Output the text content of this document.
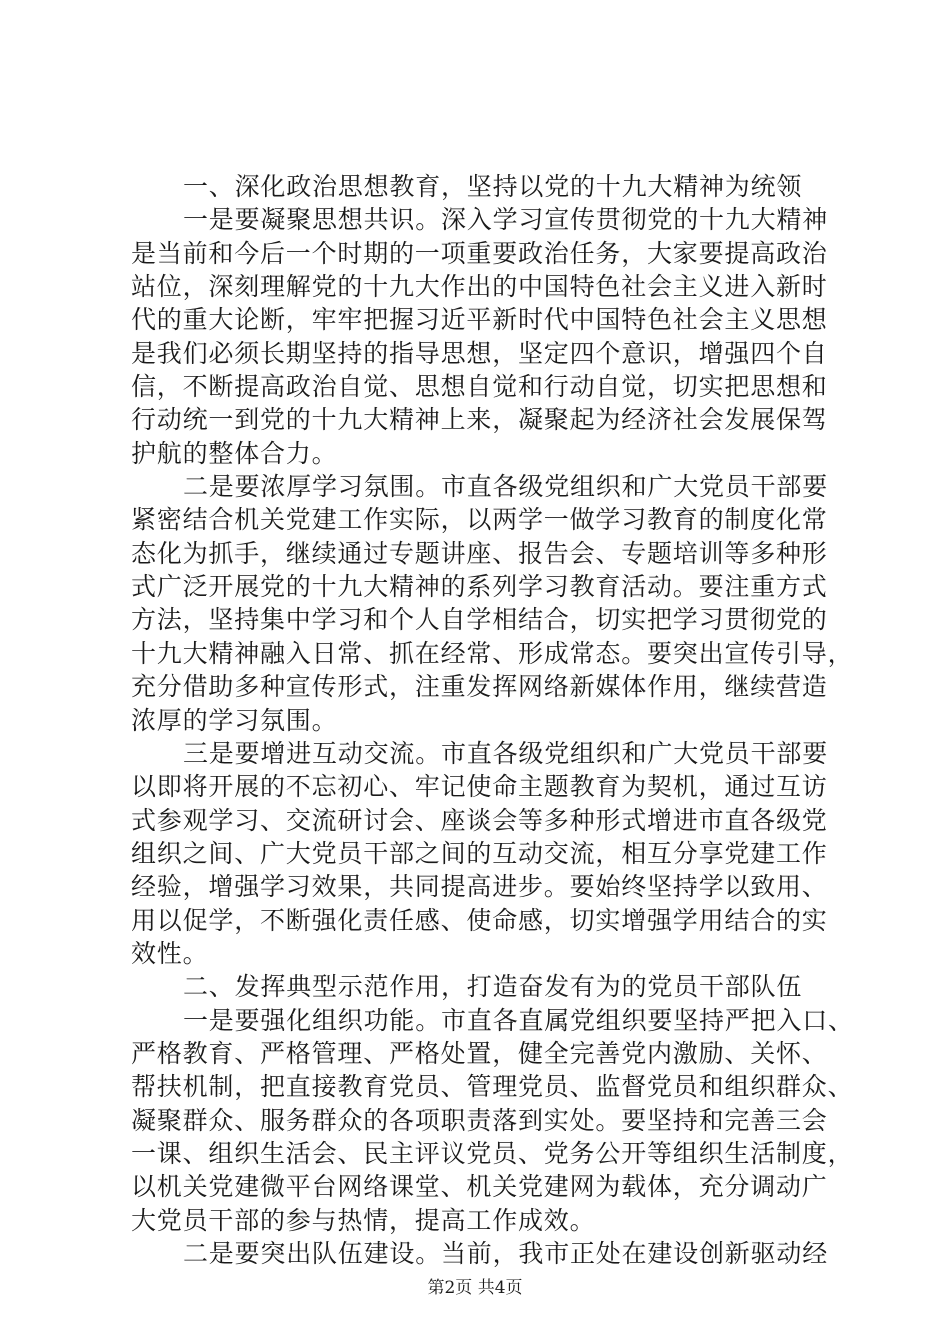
一、深化政治思想教育，坚持以党的十九大精神为统领
一是要凝聚思想共识。深入学习宣传贯彻党的十九大精神
是当前和今后一个时期的一项重要政治任务，大家要提高政治
站位，深刻理解党的十九大作出的中国特色社会主义进入新时
代的重大论断，牢牢把握习近平新时代中国特色社会主义思想
是我们必须长期坚持的指导思想，坚定四个意识，增强四个自
信，不断提高政治自觉、思想自觉和行动自觉，切实把思想和
行动统一到党的十九大精神上来，凝聚起为经济社会发展保驾
护航的整体合力。
二是要浓厚学习氛围。市直各级党组织和广大党员干部要
紧密结合机关党建工作实际，以两学一做学习教育的制度化常
态化为抓手，继续通过专题讲座、报告会、专题培训等多种形
式广泛开展党的十九大精神的系列学习教育活动。要注重方式
方法，坚持集中学习和个人自学相结合，切实把学习贯彻党的
十九大精神融入日常、抓在经常、形成常态。要突出宣传引导，
充分借助多种宣传形式，注重发挥网络新媒体作用，继续营造
浓厚的学习氛围。
三是要增进互动交流。市直各级党组织和广大党员干部要
以即将开展的不忘初心、牢记使命主题教育为契机，通过互访
式参观学习、交流研讨会、座谈会等多种形式增进市直各级党
组织之间、广大党员干部之间的互动交流，相互分享党建工作
经验，增强学习效果，共同提高进步。要始终坚持学以致用、
用以促学，不断强化责任感、使命感，切实增强学用结合的实
效性。
二、发挥典型示范作用，打造奋发有为的党员干部队伍
一是要强化组织功能。市直各直属党组织要坚持严把入口、
严格教育、严格管理、严格处置，健全完善党内激励、关怀、
帮扶机制，把直接教育党员、管理党员、监督党员和组织群众、
凝聚群众、服务群众的各项职责落到实处。要坚持和完善三会
一课、组织生活会、民主评议党员、党务公开等组织生活制度，
以机关党建微平台网络课堂、机关党建网为载体，充分调动广
大党员干部的参与热情，提高工作成效。
二是要突出队伍建设。当前，我市正处在建设创新驱动经
第2页 共4页
